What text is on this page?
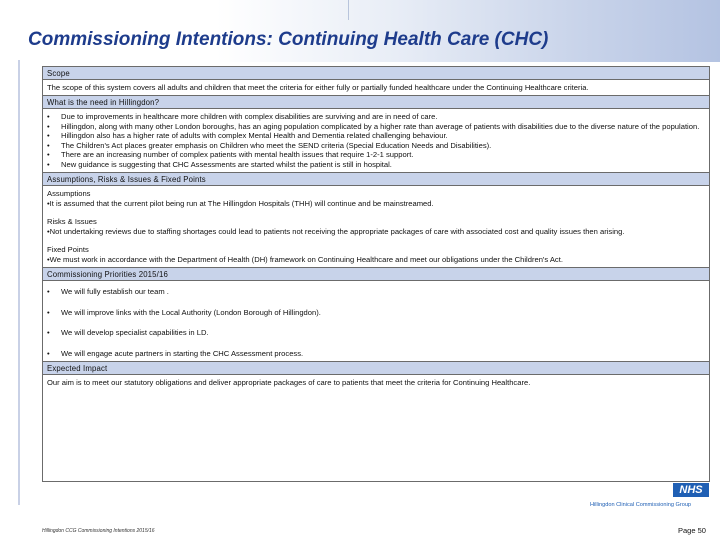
Commissioning Intentions: Continuing Health Care (CHC)
Scope
The scope of this system covers all adults and children that meet the criteria for either fully or partially funded healthcare under the Continuing Healthcare criteria.
What is the need in Hillingdon?
•	Due to improvements in healthcare more children with complex disabilities are surviving and are in need of care.
•	Hillingdon, along with many other London boroughs, has an aging population complicated by a higher rate than average of patients with disabilities due to the diverse nature of the population.
•	Hillingdon also has a higher rate of adults with complex Mental Health and Dementia related challenging behaviour.
•	The Children's Act places greater emphasis on Children who meet the SEND criteria (Special Education Needs and Disabilities).
•	There are an increasing number of complex patients with mental health issues that require 1-2-1 support.
•	New guidance is suggesting that CHC Assessments are started whilst the patient is still in hospital.
Assumptions, Risks & Issues & Fixed Points
Assumptions
•It is assumed that the current pilot being run at The Hillingdon Hospitals (THH) will continue and be mainstreamed.
Risks & Issues
•Not undertaking reviews due to staffing shortages could lead to patients not receiving the appropriate packages of care with associated cost and quality issues then arising.
Fixed Points
•We must work in accordance with the Department of Health (DH) framework on Continuing Healthcare and meet our obligations under the Children's Act.
Commissioning Priorities 2015/16
•	We will fully establish our team .
•	We will improve links with the Local Authority (London Borough of Hillingdon).
•	We will develop specialist capabilities in LD.
•	We will engage acute partners in starting the CHC Assessment process.
Expected Impact
Our aim is to meet our statutory obligations and deliver appropriate packages of care to patients that meet the criteria for Continuing Healthcare.
NHS
Hillingdon Clinical Commissioning Group
Hillingdon CCG Commissioning Intentions 2015/16	Page 50
